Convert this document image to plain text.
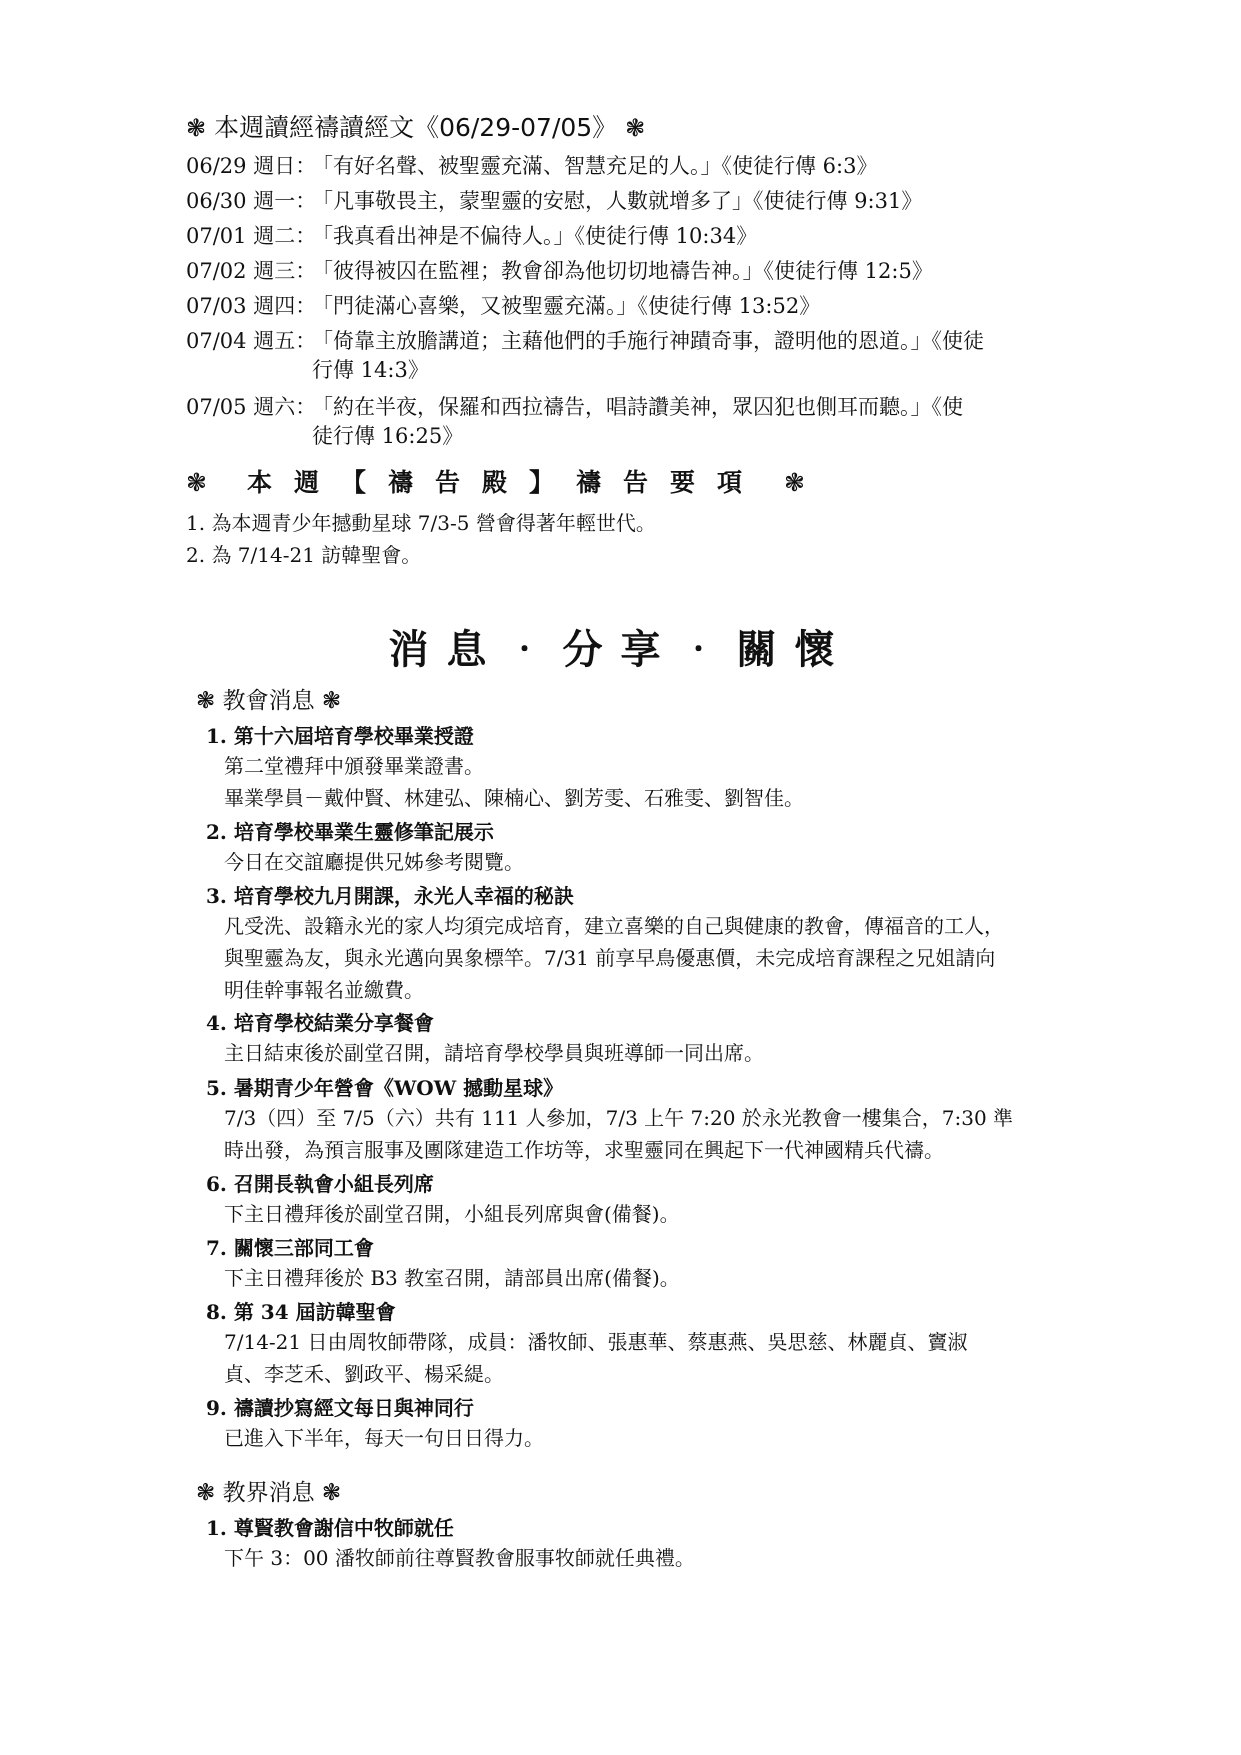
❃ 本週讀經禱讀經文《06/29-07/05》 ❃
06/29 週日：「有好名聲、被聖靈充滿、智慧充足的人。」《使徒行傳 6:3》
06/30 週一：「凡事敬畏主，蒙聖靈的安慰，人數就增多了」《使徒行傳 9:31》
07/01 週二：「我真看出神是不偏待人。」《使徒行傳 10:34》
07/02 週三：「彼得被囚在監裡；教會卻為他切切地禱告神。」《使徒行傳 12:5》
07/03 週四：「門徒滿心喜樂，又被聖靈充滿。」《使徒行傳 13:52》
07/04 週五：「倚靠主放膽講道；主藉他們的手施行神蹟奇事，證明他的恩道。」《使徒
行傳 14:3》
07/05 週六：「約在半夜，保羅和西拉禱告，唱詩讚美神，眾囚犯也側耳而聽。」《使
徒行傳 16:25》
❃ 本週【禱告殿】禱告要項 ❃
1. 為本週青少年撼動星球 7/3-5 營會得著年輕世代。
2. 為 7/14-21 訪韓聖會。
消息‧分享‧關懷
❃ 教會消息 ❃
1. 第十六屆培育學校畢業授證

第二堂禮拜中頒發畢業證書。

畢業學員－戴仲賢、林建弘、陳楠心、劉芳雯、石雅雯、劉智佳。

2. 培育學校畢業生靈修筆記展示

今日在交誼廳提供兄姊參考閱覽。

3. 培育學校九月開課，永光人幸福的秘訣

凡受洗、設籍永光的家人均須完成培育，建立喜樂的自己與健康的教會，傳福音的工人，

與聖靈為友，與永光邁向異象標竿。7/31 前享早鳥優惠價，未完成培育課程之兄姐請向

明佳幹事報名並繳費。

4. 培育學校結業分享餐會

主日結束後於副堂召開，請培育學校學員與班導師一同出席。

5. 暑期青少年營會《WOW 撼動星球》

7/3（四）至 7/5（六）共有 111 人參加，7/3 上午 7:20 於永光教會一樓集合，7:30 準

時出發，為預言服事及團隊建造工作坊等，求聖靈同在興起下一代神國精兵代禱。

6. 召開長執會小組長列席

下主日禮拜後於副堂召開，小組長列席與會(備餐)。

7. 關懷三部同工會

下主日禮拜後於 B3 教室召開，請部員出席(備餐)。

8. 第 34 屆訪韓聖會

7/14-21 日由周牧師帶隊，成員：潘牧師、張惠華、蔡惠燕、吳思慈、林麗貞、竇淑

貞、李芝禾、劉政平、楊采緹。

9. 禱讀抄寫經文每日與神同行

已進入下半年，每天一句日日得力。

❃ 教界消息 ❃
1. 尊賢教會謝信中牧師就任

下午 3：00 潘牧師前往尊賢教會服事牧師就任典禮。
